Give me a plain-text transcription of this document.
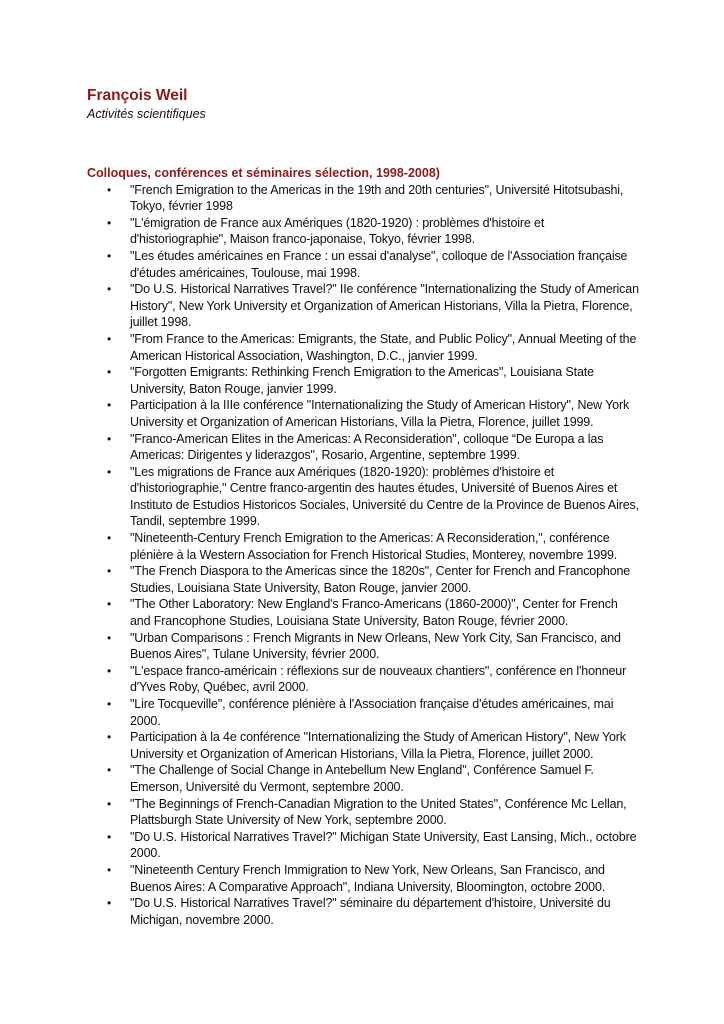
François Weil

Activités scientifiques

Colloques, conférences et séminaires sélection, 1998-2008)
• "French Emigration to the Americas in the 19th and 20th centuries", Université Hitotsubashi, Tokyo, février 1998
• "L'émigration de France aux Amériques (1820-1920) : problèmes d'histoire et d'historiographie", Maison franco-japonaise, Tokyo, février 1998.
• "Les études américaines en France : un essai d'analyse", colloque de l'Association française d'études américaines, Toulouse, mai 1998.
• "Do U.S. Historical Narratives Travel?" IIe conférence "Internationalizing the Study of American History", New York University et Organization of American Historians, Villa la Pietra, Florence, juillet 1998.
• "From France to the Americas: Emigrants, the State, and Public Policy", Annual Meeting of the American Historical Association, Washington, D.C., janvier 1999.
• "Forgotten Emigrants: Rethinking French Emigration to the Americas", Louisiana State University, Baton Rouge, janvier 1999.
• Participation à la IIIe conférence "Internationalizing the Study of American History", New York University et Organization of American Historians, Villa la Pietra, Florence, juillet 1999.
• "Franco-American Elites in the Americas: A Reconsideration", colloque “De Europa a las Americas: Dirigentes y liderazgos", Rosario, Argentine, septembre 1999.
• "Les migrations de France aux Amériques (1820-1920): problèmes d'histoire et d'historiographie," Centre franco-argentin des hautes études, Université of Buenos Aires et Instituto de Estudios Historicos Sociales, Université du Centre de la Province de Buenos Aires, Tandil, septembre 1999.
• "Nineteenth-Century French Emigration to the Americas: A Reconsideration,", conférence plénière à la Western Association for French Historical Studies, Monterey, novembre 1999.
• "The French Diaspora to the Americas since the 1820s", Center for French and Francophone Studies, Louisiana State University, Baton Rouge, janvier 2000.
• "The Other Laboratory: New England's Franco-Americans (1860-2000)", Center for French and Francophone Studies, Louisiana State University, Baton Rouge, février 2000.
• "Urban Comparisons : French Migrants in New Orleans, New York City, San Francisco, and Buenos Aires", Tulane University, février 2000.
• "L'espace franco-américain : réflexions sur de nouveaux chantiers", conférence en l'honneur d'Yves Roby, Québec, avril 2000.
• "Lire Tocqueville", conférence plénière à l'Association française d'études américaines, mai 2000.
• Participation à la 4e conférence "Internationalizing the Study of American History", New York University et Organization of American Historians, Villa la Pietra, Florence, juillet 2000.
• "The Challenge of Social Change in Antebellum New England", Conférence Samuel F. Emerson, Université du Vermont, septembre 2000.
• "The Beginnings of French-Canadian Migration to the United States", Conférence Mc Lellan, Plattsburgh State University of New York, septembre 2000.
• "Do U.S. Historical Narratives Travel?" Michigan State University, East Lansing, Mich., octobre 2000.
• "Nineteenth Century French Immigration to New York, New Orleans, San Francisco, and Buenos Aires: A Comparative Approach", Indiana University, Bloomington, octobre 2000.
• "Do U.S. Historical Narratives Travel?" séminaire du département d'histoire, Université du Michigan, novembre 2000.
